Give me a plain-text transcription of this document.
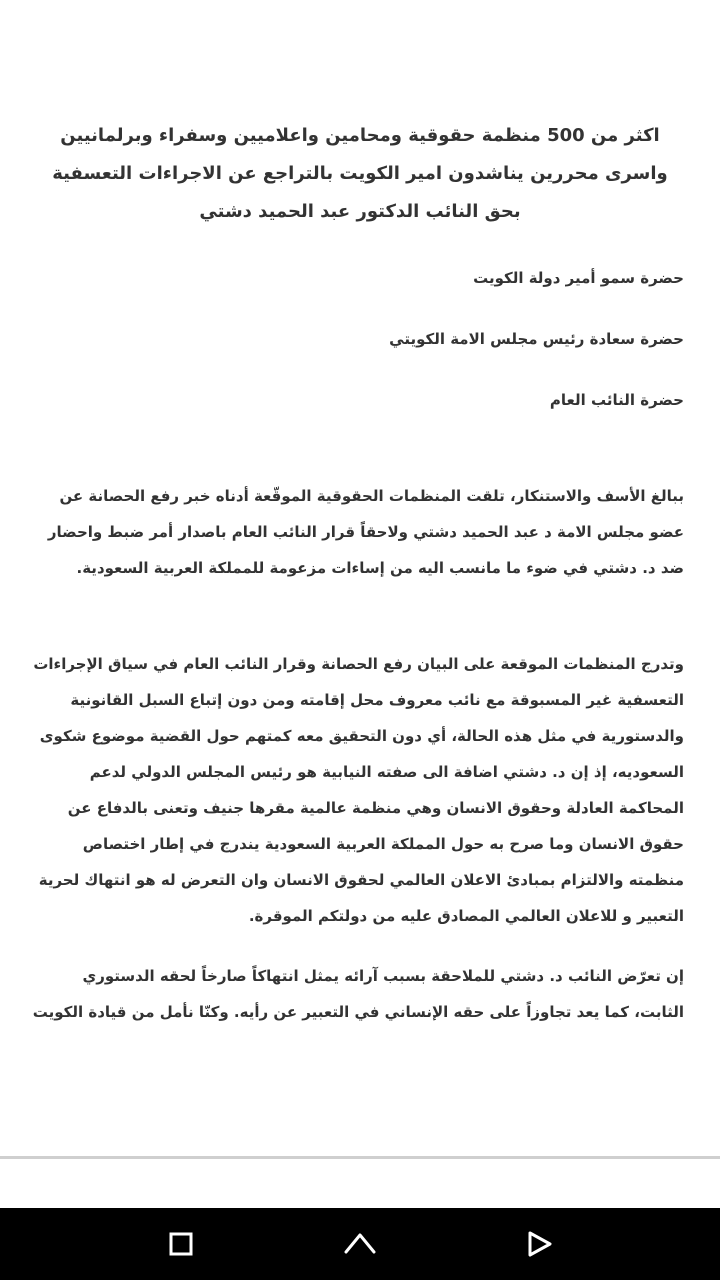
اكثر من 500 منظمة حقوقية ومحامين واعلاميين وسفراء وبرلمانيين واسرى محررين يناشدون امير الكويت بالتراجع عن الاجراءات التعسفية بحق النائب الدكتور عبد الحميد دشتي

حضرة سمو أمير دولة الكويت

حضرة سعادة رئيس مجلس الامة الكويتي

حضرة النائب العام

ببالغ الأسف والاستنكار، تلقت المنظمات الحقوقية الموقّعة أدناه خبر رفع الحصانة عن عضو مجلس الامة د عبد الحميد دشتي ولاحقاً قرار النائب العام باصدار أمر ضبط واحضار ضد د. دشتي في ضوء ما مانسب اليه من إساءات مزعومة للمملكة العربية السعودية.

وتدرج المنظمات الموقعة على البيان رفع الحصانة وقرار النائب العام في سياق الإجراءات التعسفية غير المسبوقة مع نائب معروف محل إقامته ومن دون إتباع السبل القانونية والدستورية في مثل هذه الحالة، أي دون التحقيق معه كمتهم حول القضية موضوع شكوى السعوديه، إذ إن د. دشتي اضافة الى صفته النيابية هو رئيس المجلس الدولي لدعم المحاكمة العادلة وحقوق الانسان وهي منظمة عالمية مقرها جنيف وتعنى بالدفاع عن حقوق الانسان وما صرح به حول المملكة العربية السعودية يندرج في إطار اختصاص منظمته والالتزام بمبادئ الاعلان العالمي لحقوق الانسان وان التعرض له هو انتهاك لحرية التعبير و للاعلان العالمي المصادق عليه من دولتكم الموقرة.

إن تعرّض النائب د. دشتي للملاحقة بسبب آرائه يمثل انتهاكاً صارخاً لحقه الدستوري الثابت، كما يعد تجاوزاً على حقه الإنساني في التعبير عن رأيه. وكنّا نأمل من قيادة الكويت
